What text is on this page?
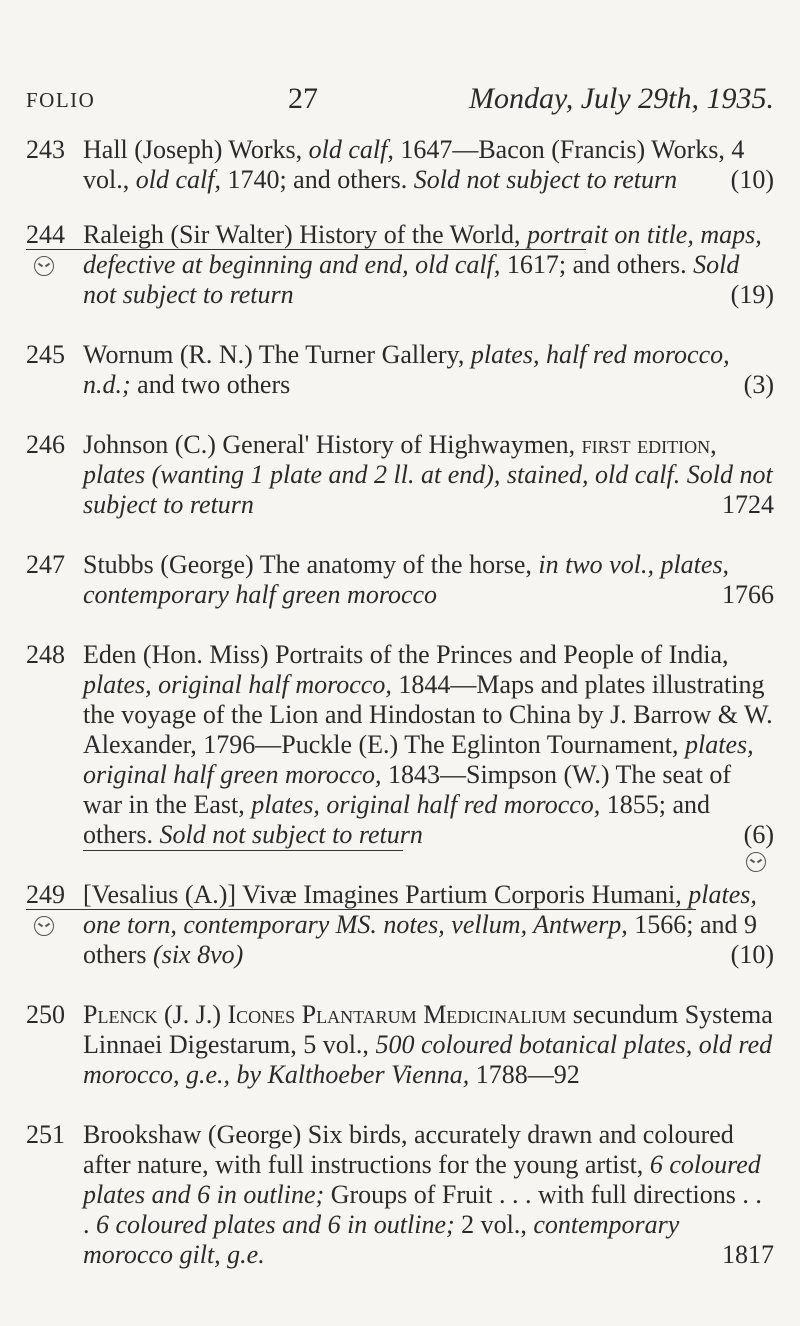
FOLIO	27	Monday, July 29th, 1935.
243 Hall (Joseph) Works, old calf, 1647—Bacon (Francis) Works, 4 vol., old calf, 1740; and others. Sold not subject to return	(10)
244 Raleigh (Sir Walter) History of the World, portrait on title, maps, defective at beginning and end, old calf, 1617; and others. Sold not subject to return	(19)
245 Wornum (R. N.) The Turner Gallery, plates, half red morocco, n.d.; and two others	(3)
246 Johnson (C.) General' History of Highwaymen, first edition, plates (wanting 1 plate and 2 ll. at end), stained, old calf. Sold not subject to return	1724
247 Stubbs (George) The anatomy of the horse, in two vol., plates, contemporary half green morocco	1766
248 Eden (Hon. Miss) Portraits of the Princes and People of India, plates, original half morocco, 1844—Maps and plates illustrating the voyage of the Lion and Hindostan to China by J. Barrow & W. Alexander, 1796—Puckle (E.) The Eglinton Tournament, plates, original half green morocco, 1843—Simpson (W.) The seat of war in the East, plates, original half red morocco, 1855; and others. Sold not subject to return	(6)
249 [Vesalius (A.)] Vivæ Imagines Partium Corporis Humani, plates, one torn, contemporary MS. notes, vellum, Antwerp, 1566; and 9 others (six 8vo)	(10)
250 Plenck (J. J.) Icones Plantarum Medicinalium secundum Systema Linnaei Digestarum, 5 vol., 500 coloured botanical plates, old red morocco, g.e., by Kalthoeber Vienna, 1788—92
251 Brookshaw (George) Six birds, accurately drawn and coloured after nature, with full instructions for the young artist, 6 coloured plates and 6 in outline; Groups of Fruit . . . with full directions . . . 6 coloured plates and 6 in outline; 2 vol., contemporary morocco gilt, g.e.	1817
